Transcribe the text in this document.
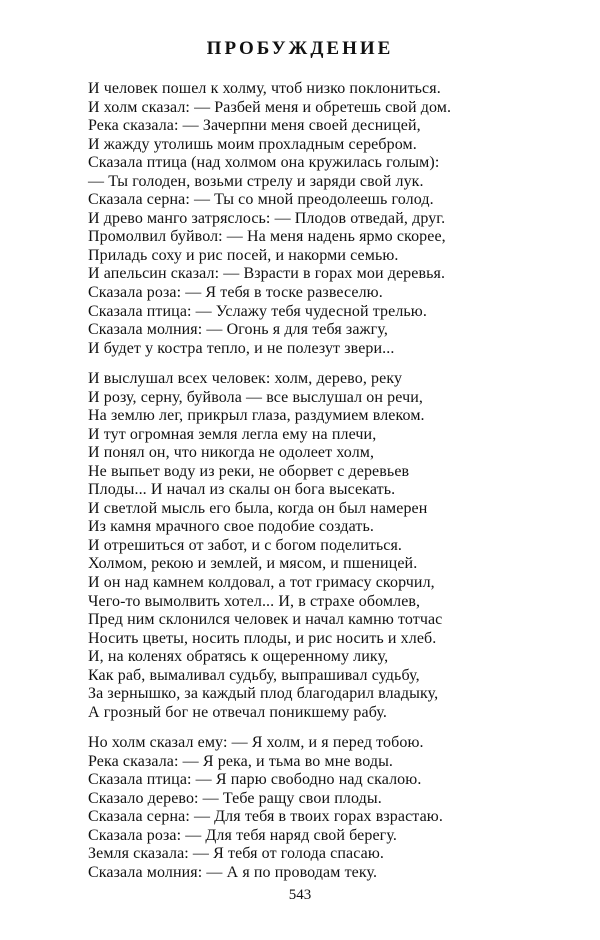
ПРОБУЖДЕНИЕ
И человек пошел к холму, чтоб низко поклониться.
И холм сказал: — Разбей меня и обретешь свой дом.
Река сказала: — Зачерпни меня своей десницей,
И жажду утолишь моим прохладным серебром.
Сказала птица (над холмом она кружилась голым):
— Ты голоден, возьми стрелу и заряди свой лук.
Сказала серна: — Ты со мной преодолеешь голод.
И древо манго затряслось: — Плодов отведай, друг.
Промолвил буйвол: — На меня надень ярмо скорее,
Приладь соху и рис посей, и накорми семью.
И апельсин сказал: — Взрасти в горах мои деревья.
Сказала роза: — Я тебя в тоске развеселю.
Сказала птица: — Услажу тебя чудесной трелью.
Сказала молния: — Огонь я для тебя зажгу,
И будет у костра тепло, и не полезут звери...
И выслушал всех человек: холм, дерево, реку
И розу, серну, буйвола — все выслушал он речи,
На землю лег, прикрыл глаза, раздумием влеком.
И тут огромная земля легла ему на плечи,
И понял он, что никогда не одолеет холм,
Не выпьет воду из реки, не оборвет с деревьев
Плоды... И начал из скалы он бога высекать.
И светлой мысль его была, когда он был намерен
Из камня мрачного свое подобие создать.
И отрешиться от забот, и с богом поделиться.
Холмом, рекою и землей, и мясом, и пшеницей.
И он над камнем колдовал, а тот гримасу скорчил,
Чего-то вымолвить хотел... И, в страхе обомлев,
Пред ним склонился человек и начал камню тотчас
Носить цветы, носить плоды, и рис носить и хлеб.
И, на коленях обратясь к ощеренному лику,
Как раб, вымаливал судьбу, выпрашивал судьбу,
За зернышко, за каждый плод благодарил владыку,
А грозный бог не отвечал поникшему рабу.
Но холм сказал ему: — Я холм, и я перед тобою.
Река сказала: — Я река, и тьма во мне воды.
Сказала птица: — Я парю свободно над скалою.
Сказало дерево: — Тебе ращу свои плоды.
Сказала серна: — Для тебя в твоих горах взрастаю.
Сказала роза: — Для тебя наряд свой берегу.
Земля сказала: — Я тебя от голода спасаю.
Сказала молния: — А я по проводам теку.
543
